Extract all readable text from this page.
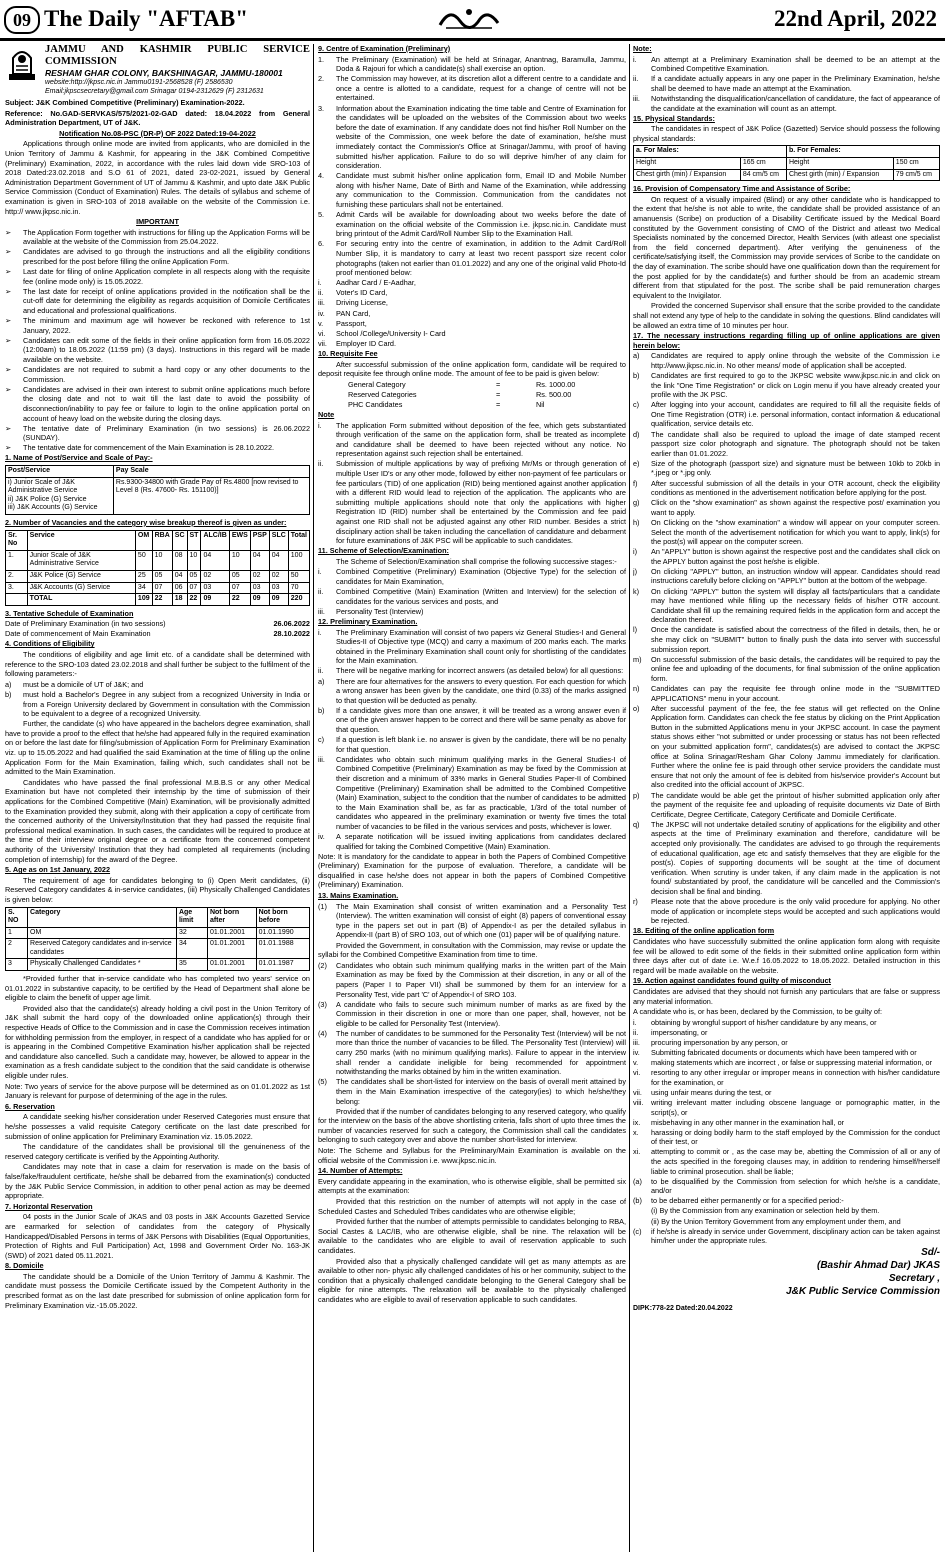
09 The Daily "AFTAB"	22nd April, 2022
JAMMU AND KASHMIR PUBLIC SERVICE COMMISSION
RESHAM GHAR COLONY, BAKSHINAGAR, JAMMU-180001
website:http://jkpsc.nic.in Jammu0191-2568528 (F) 2586530
Email:jkpscsecretary@gmail.com Srinagar 0194-2312629 (F) 2312631
Subject: J&K Combined Competitive (Preliminary) Examination-2022.
Reference: No.GAD-SERVKAS/575/2021-02-GAD dated: 18.04.2022 from General Administration Department, UT of J&K.
Notification No.08-PSC (DR-P) OF 2022 Dated:19-04-2022
Applications through online mode are invited from applicants, who are domiciled in the Union Territory of Jammu & Kashmir, for appearing in the J&K Combined Competitive (Preliminary) Examination, 2022, in accordance with the rules laid down vide SRO-103 of 2018 Dated:23.02.2018 and S.O 61 of 2021, dated 23-02-2021, issued by General Administration Department Government of UT of Jammu & Kashmir, and upto date J&K Public Service Commission (Conduct of Examination) Rules. The details of syllabus and scheme of examination is given in SRO-103 of 2018 available on the website of the Commission i.e. http:// www.jkpsc.nic.in.
IMPORTANT
➢	The Application Form together with instructions for filling up the Application Forms will be available at the website of the Commission from 25.04.2022.
➢	Candidates are advised to go through the instructions and all the eligibility conditions prescribed for the post before filling the online Application Form.
➢	Last date for filing of online Application complete in all respects along with the requisite fee (online mode only) is 15.05.2022.
➢	The last date for receipt of online applications provided in the notification shall be the cut-off date for determining the eligibility as regards acquisition of Domicile Certificates and educational and professional qualifications.
➢	The minimum and maximum age will however be reckoned with reference to 1st January, 2022.
➢	Candidates can edit some of the fields in their online application form from 16.05.2022 (12:00am) to 18.05.2022 (11:59 pm) (3 days). Instructions in this regard will be made available on the website.
➢	Candidates are not required to submit a hard copy or any other documents to the Commission.
➢	Candidates are advised in their own interest to submit online applications much before the closing date and not to wait till the last date to avoid the possibility of disconnection/inability to pay fee or failure to login to the online application portal on account of heavy load on the website during the closing days.
➢	The tentative date of Preliminary Examination (in two sessions) is 26.06.2022 (SUNDAY).
➢	The tentative date for commencement of the Main Examination is 28.10.2022.
1. Name of Post/Service and Scale of Pay:-
Post/Service	Pay Scale
i) Junior Scale of J&K Administrative Service
ii) J&K Police (G) Service
iii) J&K Accounts (G) Service	Rs.9300-34800 with Grade Pay of Rs.4800 [now revised to Level 8 (Rs. 47600- Rs. 151100)]
2. Number of Vacancies and the category wise breakup thereof is given as under:
Sr. No	Service	OM	RBA	SC	ST	ALC/IB	EWS	PSP	SLC	Total
1.	Junior Scale of J&K Administrative Service	50	10	08	10	04	10	04	04	100
2.	J&K Police (G) Service	25	05	04	05	02	05	02	02	50
3.	J&K Accounts (G) Service	34	07	06	07	03	07	03	03	70
	TOTAL	109	22	18	22	09	22	09	09	220
3. Tentative Schedule of Examination
Date of Preliminary Examination (in two sessions)	26.06.2022
Date of commencement of Main Examination	28.10.2022
4. Conditions of Eligibility
The conditions of eligibility and age limit etc. of a candidate shall be determined with reference to the SRO-103 dated 23.02.2018 and shall further be subject to the fulfilment of the following parameters:-
a)	must be a domicile of UT of J&K; and
b)	must hold a Bachelor's Degree in any subject from a recognized University in India or from a Foreign University declared by Government in consultation with the Commission to be equivalent to a degree of a recognized University.
Further, the candidate (s) who have appeared in the bachelors degree examination, shall have to provide a proof to the effect that he/she had appeared fully in the required examination on or before the last date for filing/submission of Application Form for Preliminary Examination viz. up to 15.05.2022 and had qualified the said Examination at the time of filling up the online Application Form for the Main Examination, failing which, such candidates shall not be admitted to the Main Examination.
Candidates who have passed the final professional M.B.B.S or any other Medical Examination but have not completed their internship by the time of submission of their applications for the Combined Competitive (Main) Examination, will be provisionally admitted to the Examination provided they submit, along with their application a copy of certificate from the concerned authority of the University/Institution that they had passed the requisite final professional medical examination. In such cases, the candidates will be required to produce at the time of their interview original degree or a certificate from the concerned competent authority of the University/ Institution that they had completed all requirements (including completion of internship) for the award of the Degree.
5. Age as on 1st January, 2022
The requirement of age for candidates belonging to (i) Open Merit candidates, (ii) Reserved Category candidates & in-service candidates, (iii) Physically Challenged Candidates is given below:
S. NO	Category	Age limit	Not born after	Not born before
1	OM	32	01.01.2001	01.01.1990
2	Reserved Category candidates and in-service candidates	34	01.01.2001	01.01.1988
3	Physically Challenged Candidates *	35	01.01.2001	01.01.1987
*Provided further that in-service candidate who has completed two years' service on 01.01.2022 in substantive capacity, to be certified by the Head of Department shall alone be eligible to claim the benefit of upper age limit.
Provided also that the candidate(s) already holding a civil post in the Union Territory of J&K shall submit the hard copy of the downloaded online application(s) through their respective Heads of Office to the Commission and in case the Commission receives intimation for withholding permission from the employer, in respect of a candidate who has applied for or is appearing in the Combined Competitive Examination his/her application shall be rejected and candidature also cancelled. Such a candidate may, however, be allowed to appear in the examination as a fresh candidate subject to the condition that the said candidate is otherwise eligible under rules.
Note: Two years of service for the above purpose will be determined as on 01.01.2022 as 1st January is relevant for purpose of determining of the age in the rules.
6. Reservation
A candidate seeking his/her consideration under Reserved Categories must ensure that he/she possesses a valid requisite Category certificate on the last date prescribed for submission of online application for Preliminary Examination viz. 15.05.2022.
The candidature of the candidates shall be provisional till the genuineness of the reserved category certificate is verified by the Appointing Authority.
Candidates may note that in case a claim for reservation is made on the basis of false/fake/fraudulent certificate, he/she shall be debarred from the examination(s) conducted by the J&K Public Service Commission, in addition to other penal action as may be deemed appropriate.
7. Horizontal Reservation
04 posts in the Junior Scale of JKAS and 03 posts in J&K Accounts Gazetted Service are earmarked for selection of candidates from the category of Physically Handicapped/Disabled Persons in terms of J&K Persons with Disabilities (Equal Opportunities, Protection of Rights and Full Participation) Act, 1998 and Government Order No. 163-JK (SWD) of 2021 dated 05.11.2021.
8. Domicile
The candidate should be a Domicile of the Union Territory of Jammu & Kashmir. The candidate must possess the Domicile Certificate issued by the Competent Authority in the prescribed format as on the last date prescribed for submission of online application form for Preliminary Examination viz.-15.05.2022.
9. Centre of Examination (Preliminary)
1.	The Preliminary (Examination) will be held at Srinagar, Anantnag, Baramulla, Jammu, Doda & Rajouri for which a candidate(s) shall exercise an option.
2.	The Commission may however, at its discretion allot a different centre to a candidate and once a centre is allotted to a candidate, request for a change of centre will not be entertained.
3.	Information about the Examination indicating the time table and Centre of Examination for the candidates will be uploaded on the websites of the Commission about two weeks before the date of examination. If any candidate does not find his/her Roll Number on the website of the Commission, one week before the date of examination, he/she must immediately contact the Commission's Office at Srinagar/Jammu, with proof of having submitted his/her application. Failure to do so will deprive him/her of any claim for consideration.
4.	Candidate must submit his/her online application form, Email ID and Mobile Number along with his/her Name, Date of Birth and Name of the Examination, while addressing any communication to the Commission. Communication from the candidates not furnishing these particulars shall not be entertained.
5.	Admit Cards will be available for downloading about two weeks before the date of examination on the official website of the Commission i.e. jkpsc.nic.in. Candidate must bring printout of the Admit Card/Roll Number Slip to the Examination Hall.
6.	For securing entry into the centre of examination, in addition to the Admit Card/Roll Number Slip, it is mandatory to carry at least two recent passport size recent color photographs (taken not earlier than 01.01.2022) and any one of the original valid Photo-Id proof mentioned below:
i.	Aadhar Card / E-Aadhar,
ii.	Voter's ID Card,
iii.	Driving License,
iv.	PAN Card,
v.	Passport,
vi.	School /College/University I- Card
vii.	Employer ID Card.
10. Requisite Fee
After successful submission of the online application form, candidate will be required to deposit requisite fee through online mode. The amount of fee to be paid is given below:
General Category	=	Rs. 1000.00
Reserved Categories	=	Rs. 500.00
PHC Candidates	=	Nil
Note
i.	The application Form submitted without deposition of the fee, which gets substantiated through verification of the same on the application form, shall be treated as incomplete and candidature shall be deemed to have been rejected without any notice. No representation against such rejection shall be entertained.
ii.	Submission of multiple applications by way of prefixing Mr/Ms or through generation of multiple User ID's or any other mode, followed by either non-payment of fee particulars or fee particulars (TID) of one application (RID) being mentioned against another application with a different RID would lead to rejection of the application. The applicants who are submitting multiple applications should note that only the applications with higher Registration ID (RID) number shall be entertained by the Commission and fee paid against one RID shall not be adjusted against any other RID number. Besides a strict disciplinary action shall be taken including the cancellation of candidature and debarment for future examinations of J&K PSC will be applicable to such candidates.
11. Scheme of Selection/Examination:
The Scheme of Selection/Examination shall comprise the following successive stages:-
i.	Combined Competitive (Preliminary) Examination (Objective Type) for the selection of candidates for Main Examination,
ii.	Combined Competitive (Main) Examination (Written and Interview) for the selection of candidates for the various services and posts, and
iii.	Personality Test (Interview)
12. Preliminary Examination.
i.	The Preliminary Examination will consist of two papers viz General Studies-I and General Studies-II of Objective type (MCQ) and carry a maximum of 200 marks each. The marks obtained in the Preliminary Examination shall count only for shortlisting of the candidates for the Main examination.
ii.	There will be negative marking for incorrect answers (as detailed below) for all questions:
a)	There are four alternatives for the answers to every question. For each question for which a wrong answer has been given by the candidate, one third (0.33) of the marks assigned to that question will be deducted as penalty.
b)	If a candidate gives more than one answer, it will be treated as a wrong answer even if one of the given answer happen to be correct and there will be same penalty as above for that question.
c)	If a question is left blank i.e. no answer is given by the candidate, there will be no penalty for that question.
iii.	Candidates who obtain such minimum qualifying marks in the General Studies-I of Combined Competitive (Preliminary) Examination as may be fixed by the Commission at their discretion and a minimum of 33% marks in General Studies Paper-II of Combined Competitive (Preliminary) Examination shall be admitted to the Combined Competitive (Main) Examination, subject to the condition that the number of candidates to be admitted to the Main Examination shall be, as far as practicable, 1/3rd of the total number of candidates who appeared in the preliminary examination or twenty five times the total number of vacancies to be filled in the various services and posts, whichever is lower.
iv.	A separate notification will be issued inviting applications from candidates declared qualified for taking the Combined Competitive (Main) Examination.
Note: It is mandatory for the candidate to appear in both the Papers of Combined Competitive (Preliminary) Examination for the purpose of evaluation. Therefore, a candidate will be disqualified in case he/she does not appear in both the papers of Combined Competitive (Preliminary) Examination.
13. Mains Examination.
(1)	The Main Examination shall consist of written examination and a Personality Test (Interview). The written examination will consist of eight (8) papers of conventional essay type in the papers set out in part (B) of Appendix-I as per the detailed syllabus in Appendix-II (part B) of SRO 103, out of which one (01) paper will be of qualifying nature.
Provided the Government, in consultation with the Commission, may revise or update the syllabi for the Combined Competitive Examination from time to time.
(2)	Candidates who obtain such minimum qualifying marks in the written part of the Main Examination as may be fixed by the Commission at their discretion, in any or all of the papers (Paper I to Paper VII) shall be summoned by them for an interview for a Personality Test, vide part 'C' of Appendix-I of SRO 103.
(3)	A candidate who fails to secure such minimum number of marks as are fixed by the Commission in their discretion in one or more than one paper, shall, however, not be eligible to be called for Personality Test (Interview).
(4)	The number of candidates to be summoned for the Personality Test (Interview) will be not more than thrice the number of vacancies to be filled. The Personality Test (Interview) will carry 250 marks (with no minimum qualifying marks). Failure to appear in the interview shall render a candidate ineligible for being recommended for appointment notwithstanding the marks obtained by him in the written examination.
(5)	The candidates shall be short-listed for interview on the basis of overall merit attained by them in the Main Examination irrespective of the category(ies) to which he/she/they belong:
Provided that if the number of candidates belonging to any reserved category, who qualify for the interview on the basis of the above shortlisting criteria, falls short of upto three times the number of vacancies reserved for such a category, the Commission shall call the candidates belonging to such category over and above the number short-listed for interview.
Note: The Scheme and Syllabus for the Preliminary/Main Examination is available on the official website of the Commission i.e. www.jkpsc.nic.in.
14. Number of Attempts:
Every candidate appearing in the examination, who is otherwise eligible, shall be permitted six attempts at the examination:
Provided that this restriction on the number of attempts will not apply in the case of Scheduled Castes and Scheduled Tribes candidates who are otherwise eligible;
Provided further that the number of attempts permissible to candidates belonging to RBA, Social Castes & LAC/IB, who are otherwise eligible, shall be nine. The relaxation will be available to the candidates who are eligible to avail of reservation applicable to such candidates.
Provided also that a physically challenged candidate will get as many attempts as are available to other non- physic ally challenged candidates of his or her community, subject to the condition that a physically challenged candidate belonging to the General Category shall be eligible for nine attempts. The relaxation will be available to the physically challenged candidates who are eligible to avail of reservation applicable to such candidates.
Note:
i.	An attempt at a Preliminary Examination shall be deemed to be an attempt at the Combined Competitive Examination.
ii.	If a candidate actually appears in any one paper in the Preliminary Examination, he/she shall be deemed to have made an attempt at the Examination.
iii.	Notwithstanding the disqualification/cancellation of candidature, the fact of appearance of the candidate at the examination will count as an attempt.
15. Physical Standards:
The candidates in respect of J&K Police (Gazetted) Service should possess the following physical standards:
a. For Males:		b. For Females:	
Height	165 cm	Height	150 cm
Chest girth (min) / Expansion	84 cm/5 cm	Chest girth (min) / Expansion	79 cm/5 cm
16. Provision of Compensatory Time and Assistance of Scribe:
On request of a visually impaired (Blind) or any other candidate who is handicapped to the extent that he/she is not able to write, the candidate shall be provided assistance of an amanuensis (Scribe) on production of a Disability Certificate issued by the Medical Board constituted by the Government consisting of CMO of the District and atleast two Medical Specialists nominated by the concerned Director, Health Services (with atleast one specialist from the field concerned department). After verifying the genuineness of the certificate/satisfying itself, the Commission may provide services of Scribe to the candidate on the day of examination. The scribe should have one qualification down than the requirement for the post applied for by the candidate(s) and further should be from an academic stream different from that stipulated for the post. The scribe shall be paid remuneration charges equivalent to the Invigilator.
Provided the concerned Supervisor shall ensure that the scribe provided to the candidate shall not extend any type of help to the candidate in solving the questions. Blind candidates will be allowed an extra time of 10 minutes per hour.
17. The necessary instructions regarding filling up of online applications are given herein below:
a)	Candidates are required to apply online through the website of the Commission i.e http://www.jkpsc.nic.in. No other means/ mode of application shall be accepted.
b)	Candidates are first required to go to the JKPSC website www.jkpsc.nic.in and click on the link "One Time Registration" or click on Login menu if you have already created your profile with the JK PSC.
c)	After logging into your account, candidates are required to fill all the requisite fields of One Time Registration (OTR) i.e. personal information, contact information & educational qualification, service details etc.
d)	The candidate shall also be required to upload the image of date stamped recent passport size color photograph and signature. The photograph should not be taken earlier than 01.01.2022.
e)	Size of the photograph (passport size) and signature must be between 10kb to 20kb in *.jpeg or *.jpg only.
f)	After successful submission of all the details in your OTR account, check the eligibility conditions as mentioned in the advertisement notification before applying for the post.
g)	Click on the "show examination" as shown against the respective post/ examination you want to apply.
h)	On Clicking on the "show examination" a window will appear on your computer screen. Select the month of the advertisement notification for which you want to apply, link(s) for the post(s) will appear on the computer screen.
i)	An "APPLY" button is shown against the respective post and the candidates shall click on the APPLY button against the post he/she is eligible.
j)	On clicking "APPLY" button, an instruction window will appear. Candidates should read instructions carefully before clicking on "APPLY" button at the bottom of the webpage.
k)	On clicking "APPLY" button the system will display all facts/particulars that a candidate may have mentioned while filling up the necessary fields of his/her OTR account. Candidate shall fill up the remaining required fields in the application form and accept the declaration thereof.
l)	Once the candidate is satisfied about the correctness of the filled in details, then, he or she may click on "SUBMIT" button to finally push the data into server with successful submission report.
m)	On successful submission of the basic details, the candidates will be required to pay the online fee and uploading of the documents, for final submission of the online application form.
n)	Candidates can pay the requisite fee through online mode in the "SUBMITTED APPLICATIONS" menu in your account.
o)	After successful payment of the fee, the fee status will get reflected on the Online Application form. Candidates can check the fee status by clicking on the Print Application Button in the submitted Applications menu in your JKPSC account. In case the payment status shows either "not submitted or under processing or status has not been reflected on your submitted application form", candidates(s) are advised to contact the JKPSC office at Solina Srinagar/Resham Ghar Colony Jammu immediately for clarification. Further where the online fee is paid through other service providers the candidate must ensure that not only the amount of fee is debited from his/service provider's Account but also credited into the official account of JKPSC.
p)	The candidate would be able get the printout of his/her submitted application only after the payment of the requisite fee and uploading of requisite documents viz Date of Birth Certificate, Degree Certificate, Category Certificate and Domicile Certificate.
q)	The JKPSC will not undertake detailed scrutiny of applications for the eligibility and other aspects at the time of Preliminary examination and therefore, candidature will be accepted only provisionally. The candidates are advised to go through the requirements of educational qualification, age etc and satisfy themselves that they are eligible for the post(s). Copies of supporting documents will be sought at the time of document verification. When scrutiny is under taken, if any claim made in the application is not found/ substantiated by proof, the candidature will be cancelled and the Commission's decision shall be final and binding.
r)	Please note that the above procedure is the only valid procedure for applying. No other mode of application or incomplete steps would be accepted and such applications would be rejected.
18. Editing of the online application form
Candidates who have successfully submitted the online application form along with requisite fee will be allowed to edit some of the fields in their submitted online application form within three days after cut of date i.e. W.e.f 16.05.2022 to 18.05.2022. Detailed instruction in this regard will be made available on the website.
19. Action against candidates found guilty of misconduct
Candidates are advised that they should not furnish any particulars that are false or suppress any material information.
A candidate who is, or has been, declared by the Commission, to be guilty of:
i.	obtaining by wrongful support of his/her candidature by any means, or
ii.	impersonating, or
iii.	procuring impersonation by any person, or
iv.	Submitting fabricated documents or documents which have been tampered with or
v.	making statements which are incorrect , or false or suppressing material information, or
vi.	resorting to any other irregular or improper means in connection with his/her candidature for the examination, or
vii.	using unfair means during the test, or
viii.	writing irrelevant matter including obscene language or pornographic matter, in the script(s), or
ix.	misbehaving in any other manner in the examination hall, or
x.	harassing or doing bodily harm to the staff employed by the Commission for the conduct of their test, or
xi.	attempting to commit or , as the case may be, abetting the Commission of all or any of the acts specified in the foregoing clauses may, in addition to rendering himself/herself liable to criminal prosecution. shall be liable;
(a)	to be disqualified by the Commission from selection for which he/she is a candidate, and/or
(b)	to be debarred either permanently or for a specified period:-
(i) By the Commission from any examination or selection held by them.
(ii) By the Union Territory Government from any employment under them, and
(c)	if he/she is already in service under Government, disciplinary action can be taken against him/her under the appropriate rules.
Sd/-
(Bashir Ahmad Dar) JKAS
Secretary ,
J&K Public Service Commission
DIPK:778-22 Dated:20.04.2022
